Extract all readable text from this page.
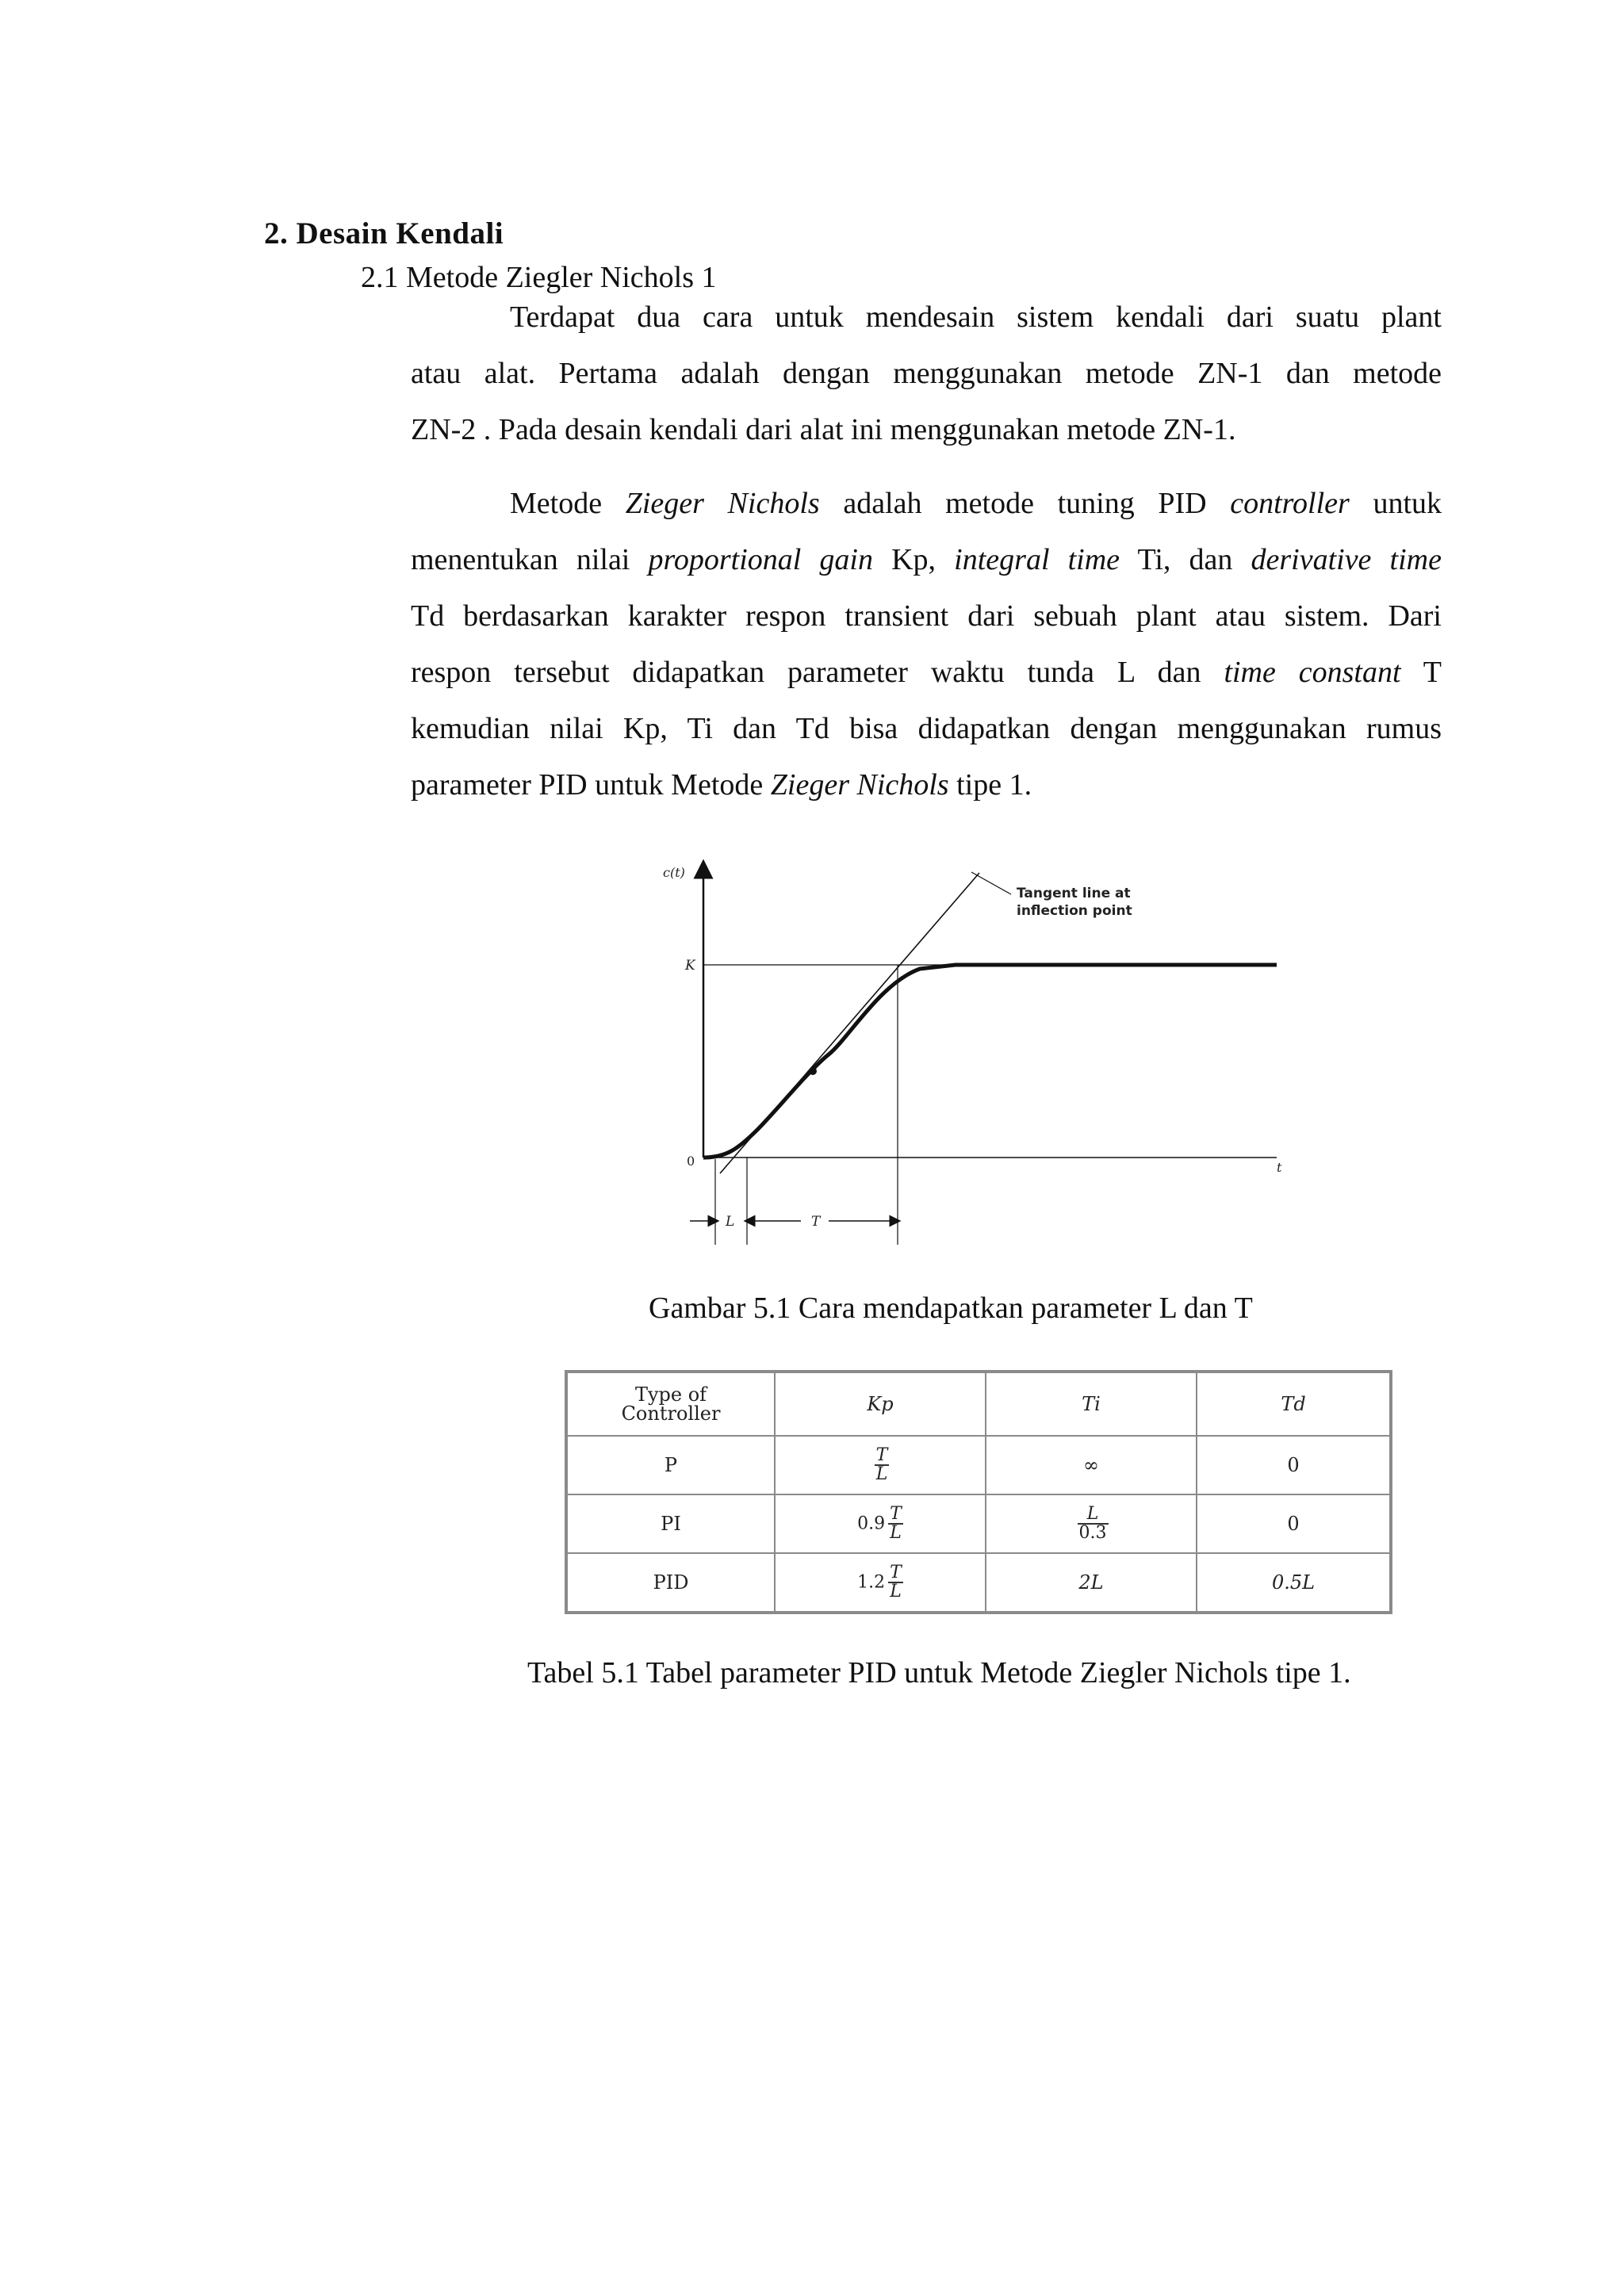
2. Desain Kendali
2.1 Metode Ziegler Nichols 1
Terdapat dua cara untuk mendesain sistem kendali dari suatu plant
atau alat. Pertama adalah dengan menggunakan metode ZN-1 dan metode
ZN-2 . Pada desain kendali dari alat ini menggunakan metode ZN-1.
Metode Zieger Nichols adalah metode tuning PID controller untuk
menentukan nilai proportional gain Kp, integral time Ti, dan derivative time
Td berdasarkan karakter respon transient dari sebuah plant atau sistem. Dari
respon tersebut didapatkan parameter waktu tunda L dan time constant T
kemudian nilai Kp, Ti dan Td bisa didapatkan dengan menggunakan rumus
parameter PID untuk Metode Zieger Nichols tipe 1.
c(t)
t
K
0
Tangent line at
inflection point
L	T
Gambar 5.1 Cara mendapatkan parameter L dan T
Type of
Controller	Kp	Ti	Td
P	$\frac{T}{L}$	∞	0
PI	$0.9 \frac{T}{L}$	$\frac{L}{0.3}$	0
PID	$1.2 \frac{T}{L}$	2L	0.5L
Tabel 5.1 Tabel parameter PID untuk Metode Ziegler Nichols tipe 1.
